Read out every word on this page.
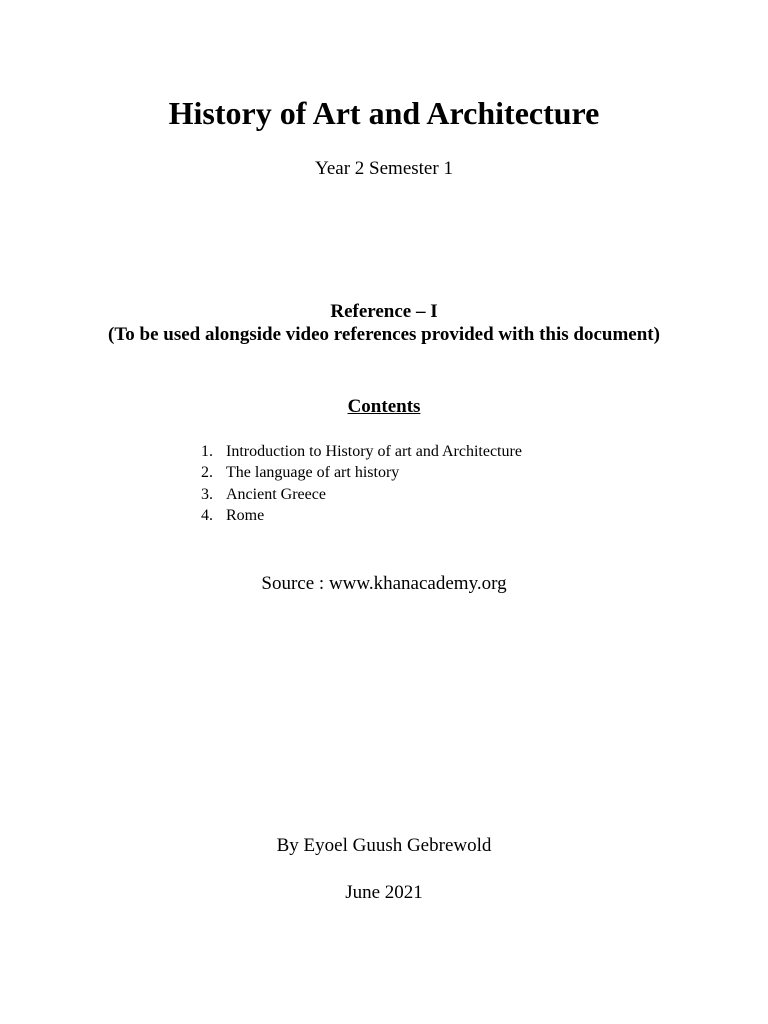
History of Art and Architecture
Year 2 Semester 1
Reference – I
(To be used alongside video references provided with this document)
Contents
1. Introduction to History of art and Architecture
2. The language of art history
3. Ancient Greece
4. Rome
Source : www.khanacademy.org
By Eyoel Guush Gebrewold
June 2021
